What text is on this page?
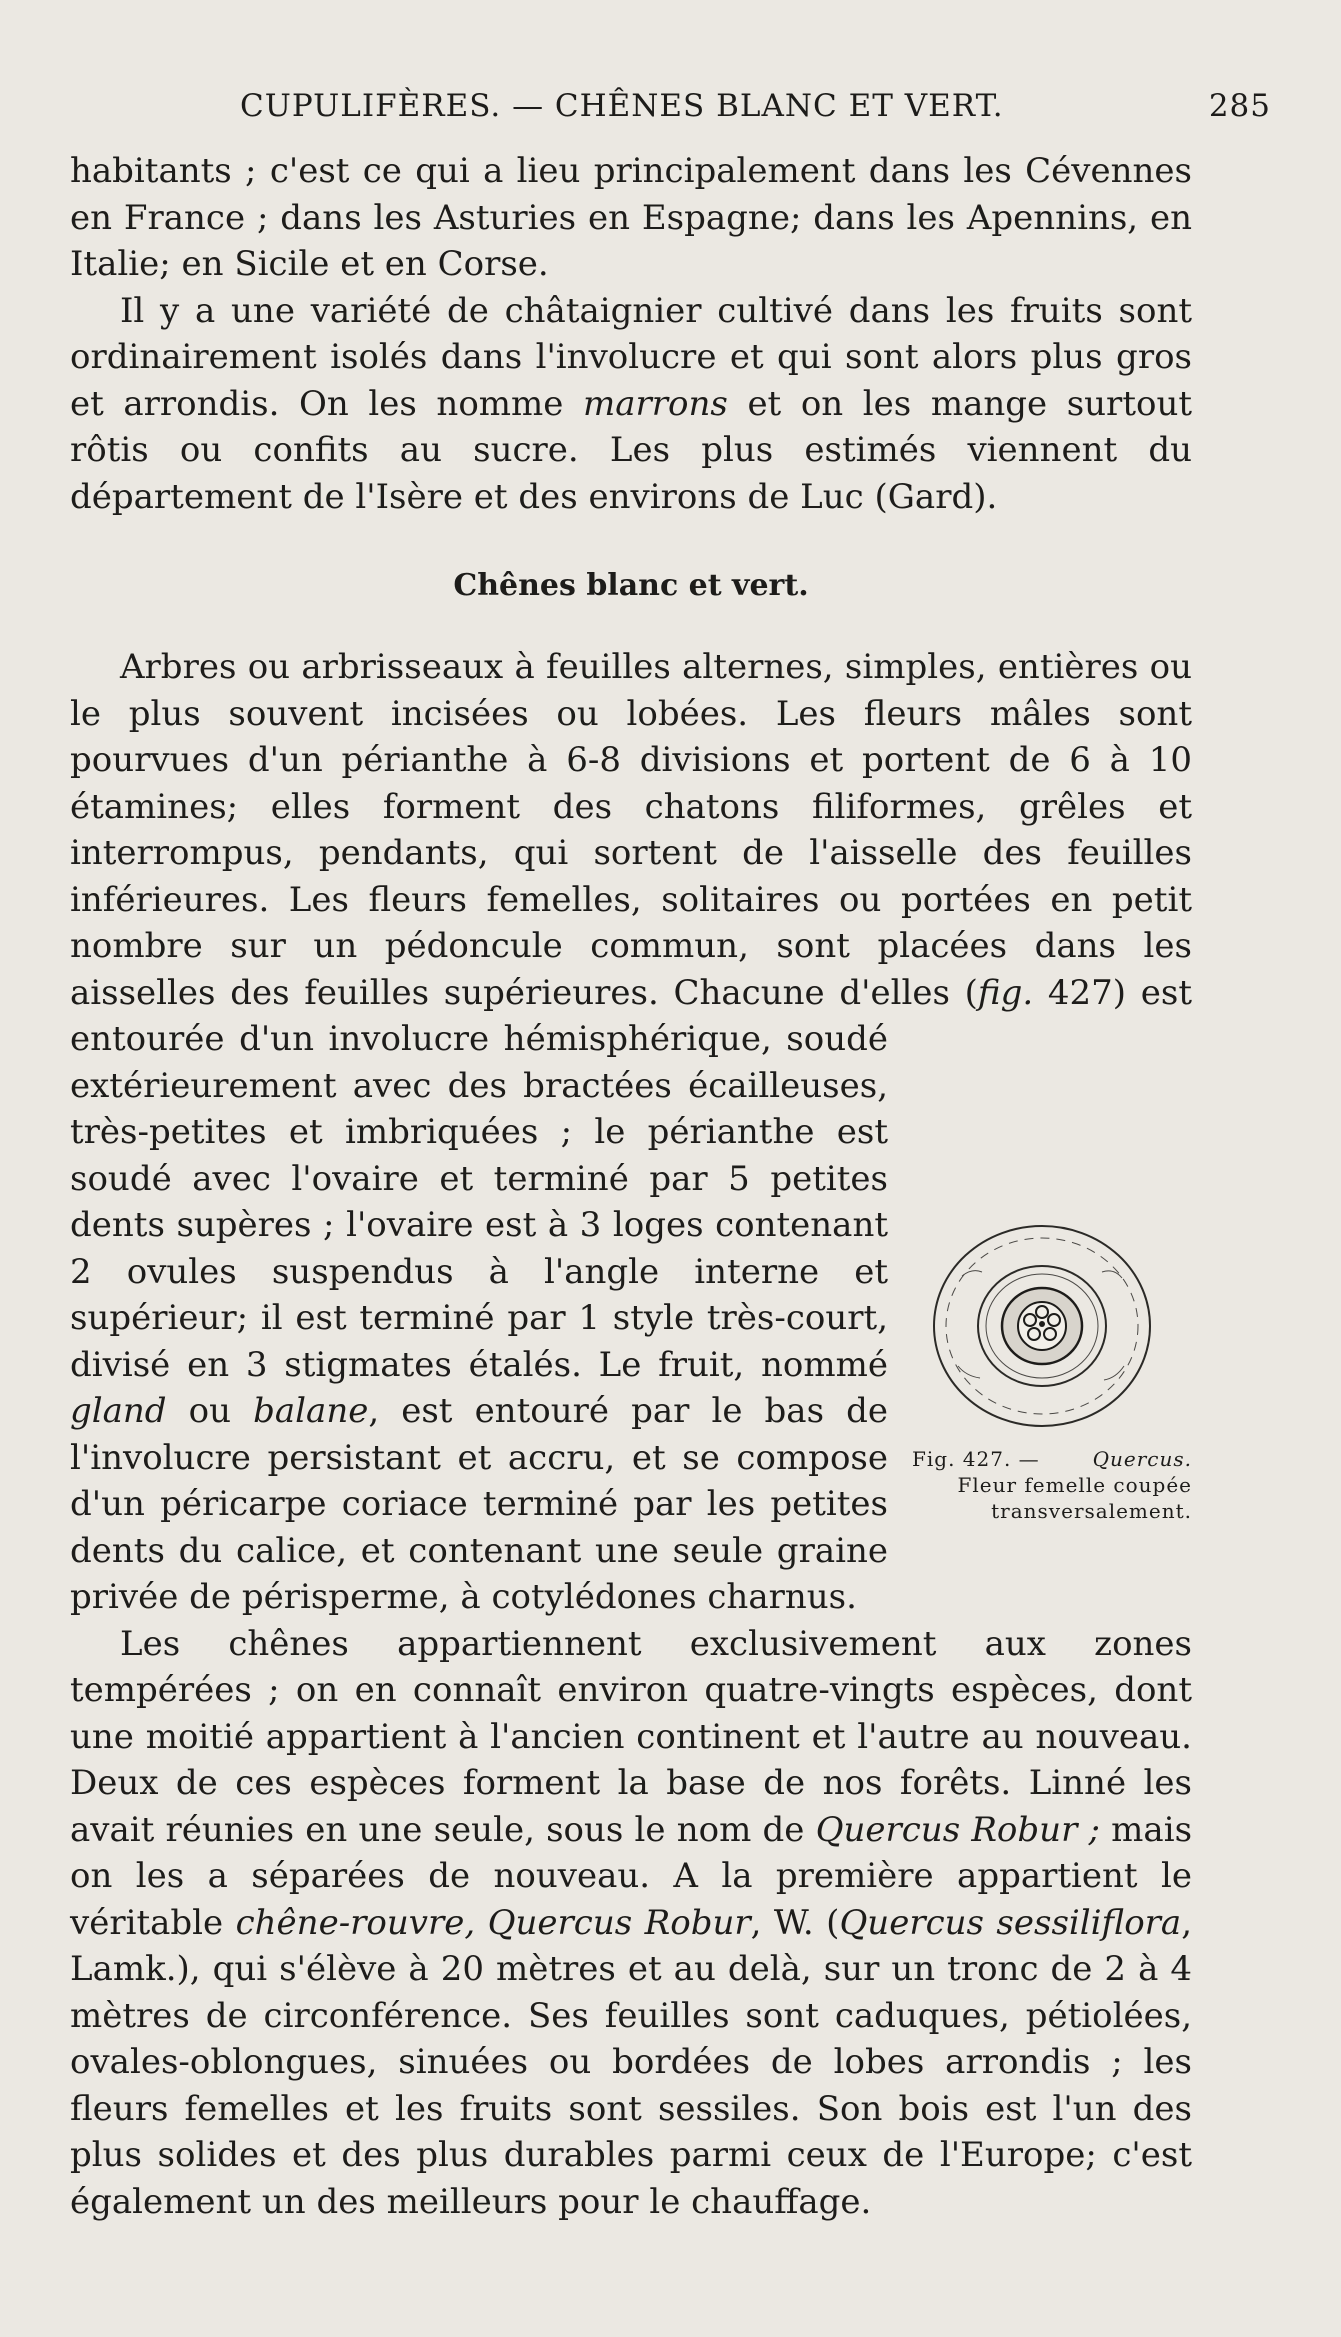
CUPULIFÈRES. — CHÊNES BLANC ET VERT.	285

habitants ; c'est ce qui a lieu principalement dans les Cévennes en France ; dans les Asturies en Espagne; dans les Apennins, en Italie; en Sicile et en Corse.

Il y a une variété de châtaignier cultivé dans les fruits sont ordinairement isolés dans l'involucre et qui sont alors plus gros et arrondis. On les nomme marrons et on les mange surtout rôtis ou confits au sucre. Les plus estimés viennent du département de l'Isère et des environs de Luc (Gard).

Chênes blanc et vert.

Arbres ou arbrisseaux à feuilles alternes, simples, entières ou le plus souvent incisées ou lobées. Les fleurs mâles sont pourvues d'un périanthe à 6-8 divisions et portent de 6 à 10 étamines; elles forment des chatons filiformes, grêles et interrompus, pendants, qui sortent de l'aisselle des feuilles inférieures. Les fleurs femelles, solitaires ou portées en petit nombre sur un pédoncule commun, sont placées dans les aisselles des feuilles supérieures. Chacune d'elles (fig.
Fig. 427. —	Quercus. Fleur femelle coupée transversalement.
427) est entourée d'un involucre hémisphérique, soudé extérieurement avec des bractées écailleuses, très-petites et imbriquées ; le périanthe est soudé avec l'ovaire et terminé par 5 petites dents supères ; l'ovaire est à 3 loges contenant 2 ovules suspendus à l'angle interne et supérieur; il est terminé par 1 style très-court, divisé en 3 stigmates étalés. Le fruit, nommé gland ou balane, est entouré par le bas de l'involucre persistant et accru, et se compose d'un péricarpe coriace terminé par les petites dents du calice, et contenant une seule graine privée de périsperme, à cotylédones charnus.

Les chênes appartiennent exclusivement aux zones tempérées ; on en connaît environ quatre-vingts espèces, dont une moitié appartient à l'ancien continent et l'autre au nouveau. Deux de ces espèces forment la base de nos forêts. Linné les avait réunies en une seule, sous le nom de Quercus Robur ; mais on les a séparées de nouveau. A la première appartient le véritable chêne-rouvre, Quercus Robur, W. (Quercus sessiliflora, Lamk.), qui s'élève à 20 mètres et au delà, sur un tronc de 2 à 4 mètres de circonférence. Ses feuilles sont caduques, pétiolées, ovales-oblongues, sinuées ou bordées de lobes arrondis ; les fleurs femelles et les fruits sont sessiles. Son bois est l'un des plus solides et des plus durables parmi ceux de l'Europe; c'est également un des meilleurs pour le chauffage.
